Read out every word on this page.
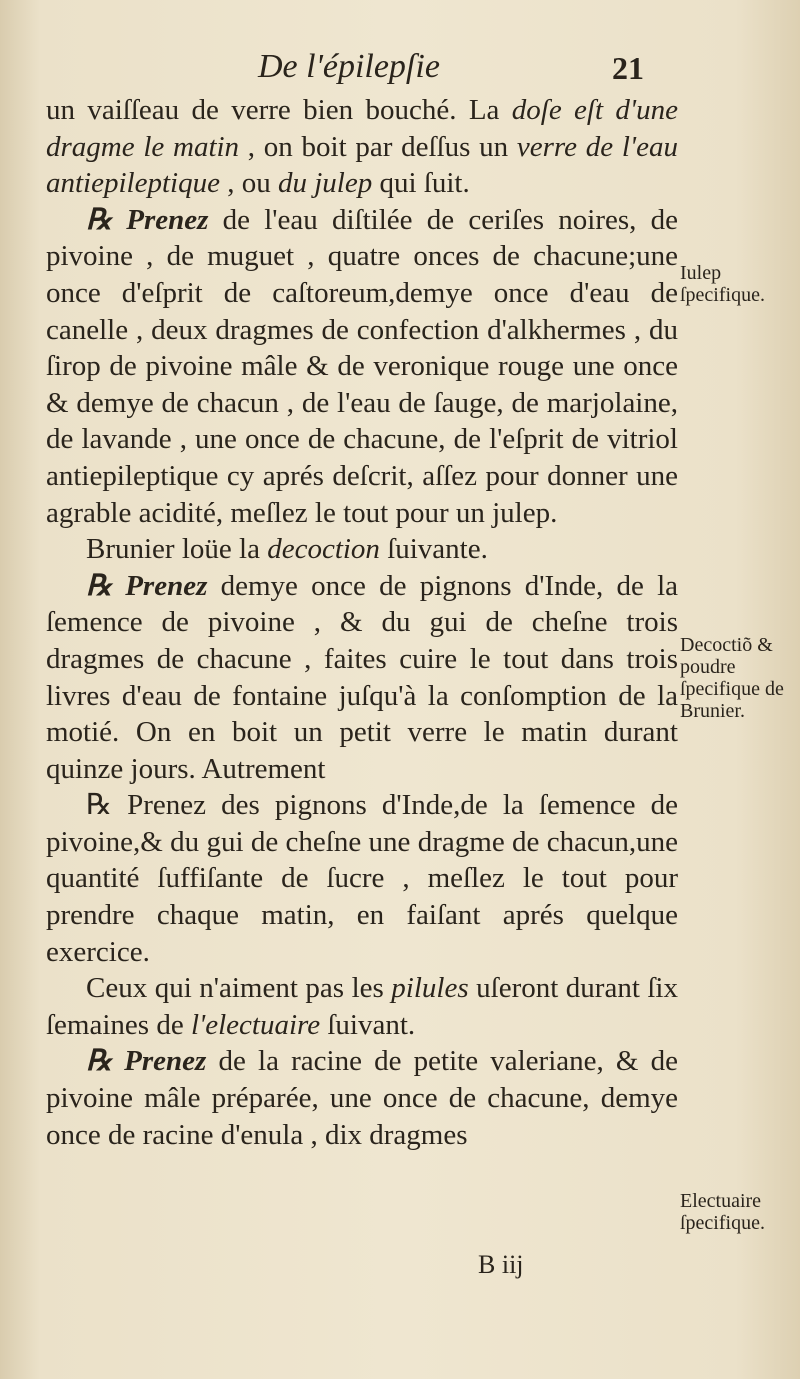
De l'épilepſie	21

un vaiſſeau de verre bien bouché. La doſe eſt d'une dragme le matin , on boit par deſſus un verre de l'eau antiepileptique , ou du julep qui ſuit.

℞ Prenez de l'eau diſtilée de ceriſes noires, de pivoine , de muguet , quatre onces de chacune;une once d'eſprit de caſtoreum,demye once d'eau de canelle , deux dragmes de confection d'alkhermes , du ſirop de pivoine mâle & de veronique rouge une once & demye de chacun , de l'eau de ſauge, de marjolaine, de lavande , une once de chacune, de l'eſprit de vitriol antiepileptique cy aprés deſcrit, aſſez pour donner une agrable acidité, meſlez le tout pour un julep.

Brunier loüe la decoction ſuivante.

℞ Prenez demye once de pignons d'Inde, de la ſemence de pivoine , & du gui de cheſne trois dragmes de chacune , faites cuire le tout dans trois livres d'eau de fontaine juſqu'à la conſomption de la motié. On en boit un petit verre le matin durant quinze jours. Autrement

℞ Prenez des pignons d'Inde,de la ſemence de pivoine,& du gui de cheſne une dragme de chacun,une quantité ſuffiſante de ſucre , meſlez le tout pour prendre chaque matin, en faiſant aprés quelque exercice.

Ceux qui n'aiment pas les pilules uſeront durant ſix ſemaines de l'electuaire ſuivant.

℞ Prenez de la racine de petite valeriane, & de pivoine mâle préparée, une once de chacune, demye once de racine d'enula , dix dragmes

Iulep ſpecifique.
Decoctiõ & poudre ſpecifique de Brunier.
Electuaire ſpecifique.
B iij
